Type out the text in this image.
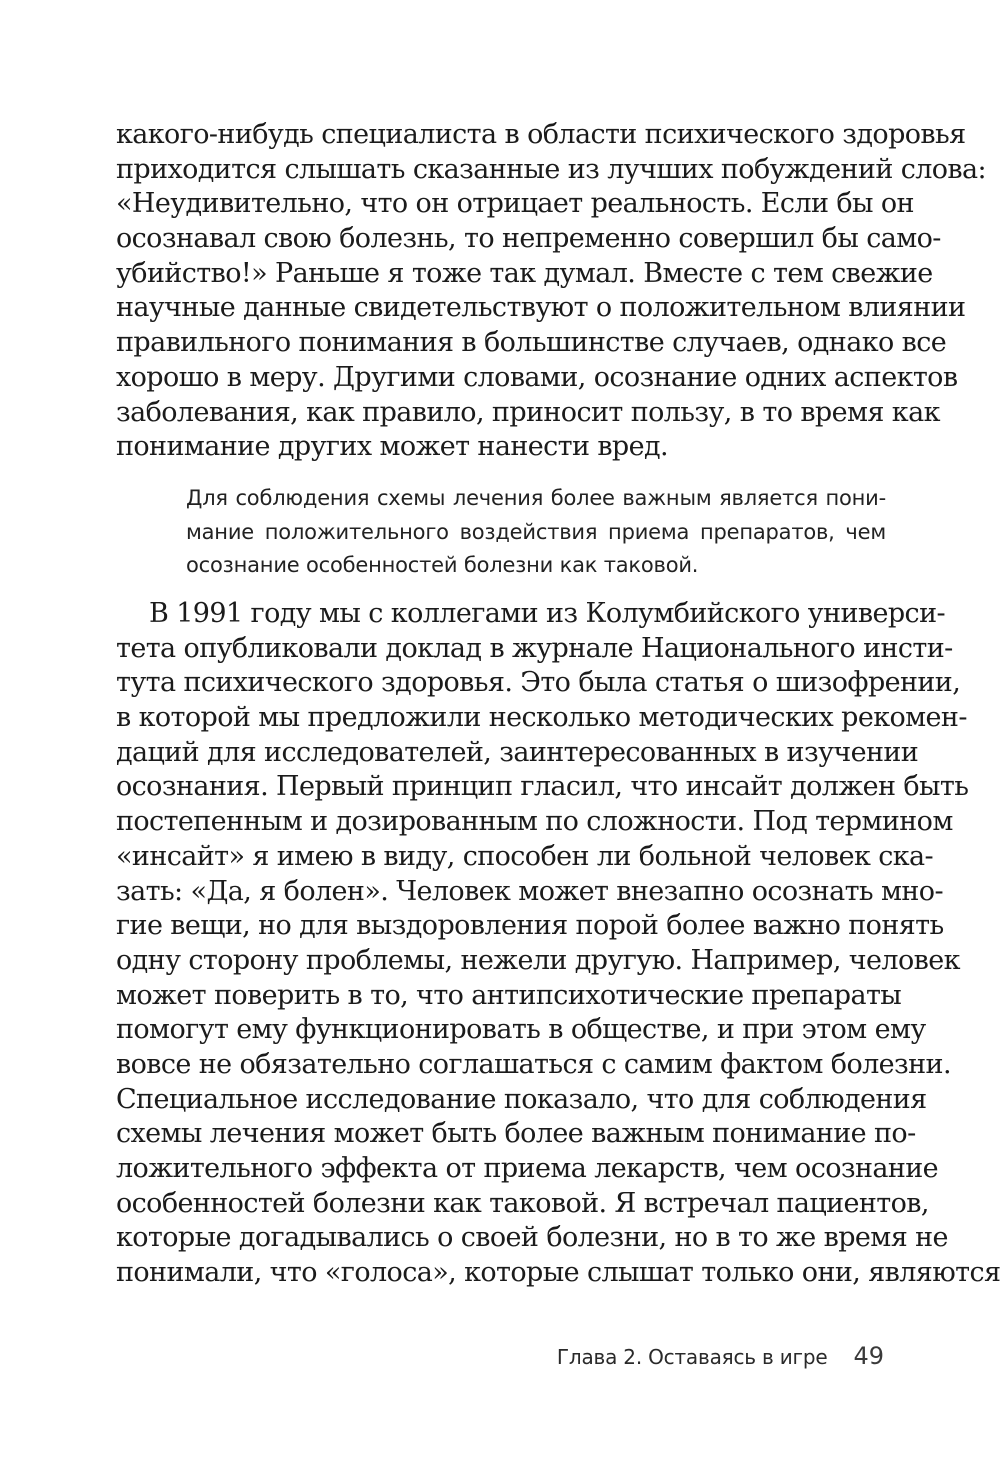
какого-нибудь специалиста в области психического здоровья
приходится слышать сказанные из лучших побуждений слова:
«Неудивительно, что он отрицает реальность. Если бы он
осознавал свою болезнь, то непременно совершил бы само-
убийство!» Раньше я тоже так думал. Вместе с тем свежие
научные данные свидетельствуют о положительном влиянии
правильного понимания в большинстве случаев, однако все
хорошо в меру. Другими словами, осознание одних аспектов
заболевания, как правило, приносит пользу, в то время как
понимание других может нанести вред.
Для соблюдения схемы лечения более важным является пони-
мание положительного воздействия приема препаратов, чем
осознание особенностей болезни как таковой.
В 1991 году мы с коллегами из Колумбийского универси-
тета опубликовали доклад в журнале Национального инсти-
тута психического здоровья. Это была статья о шизофрении,
в которой мы предложили несколько методических рекомен-
даций для исследователей, заинтересованных в изучении
осознания. Первый принцип гласил, что инсайт должен быть
постепенным и дозированным по сложности. Под термином
«инсайт» я имею в виду, способен ли больной человек ска-
зать: «Да, я болен». Человек может внезапно осознать мно-
гие вещи, но для выздоровления порой более важно понять
одну сторону проблемы, нежели другую. Например, человек
может поверить в то, что антипсихотические препараты
помогут ему функционировать в обществе, и при этом ему
вовсе не обязательно соглашаться с самим фактом болезни.
Специальное исследование показало, что для соблюдения
схемы лечения может быть более важным понимание по-
ложительного эффекта от приема лекарств, чем осознание
особенностей болезни как таковой. Я встречал пациентов,
которые догадывались о своей болезни, но в то же время не
понимали, что «голоса», которые слышат только они, являются
Глава 2. Оставаясь в игре 49
